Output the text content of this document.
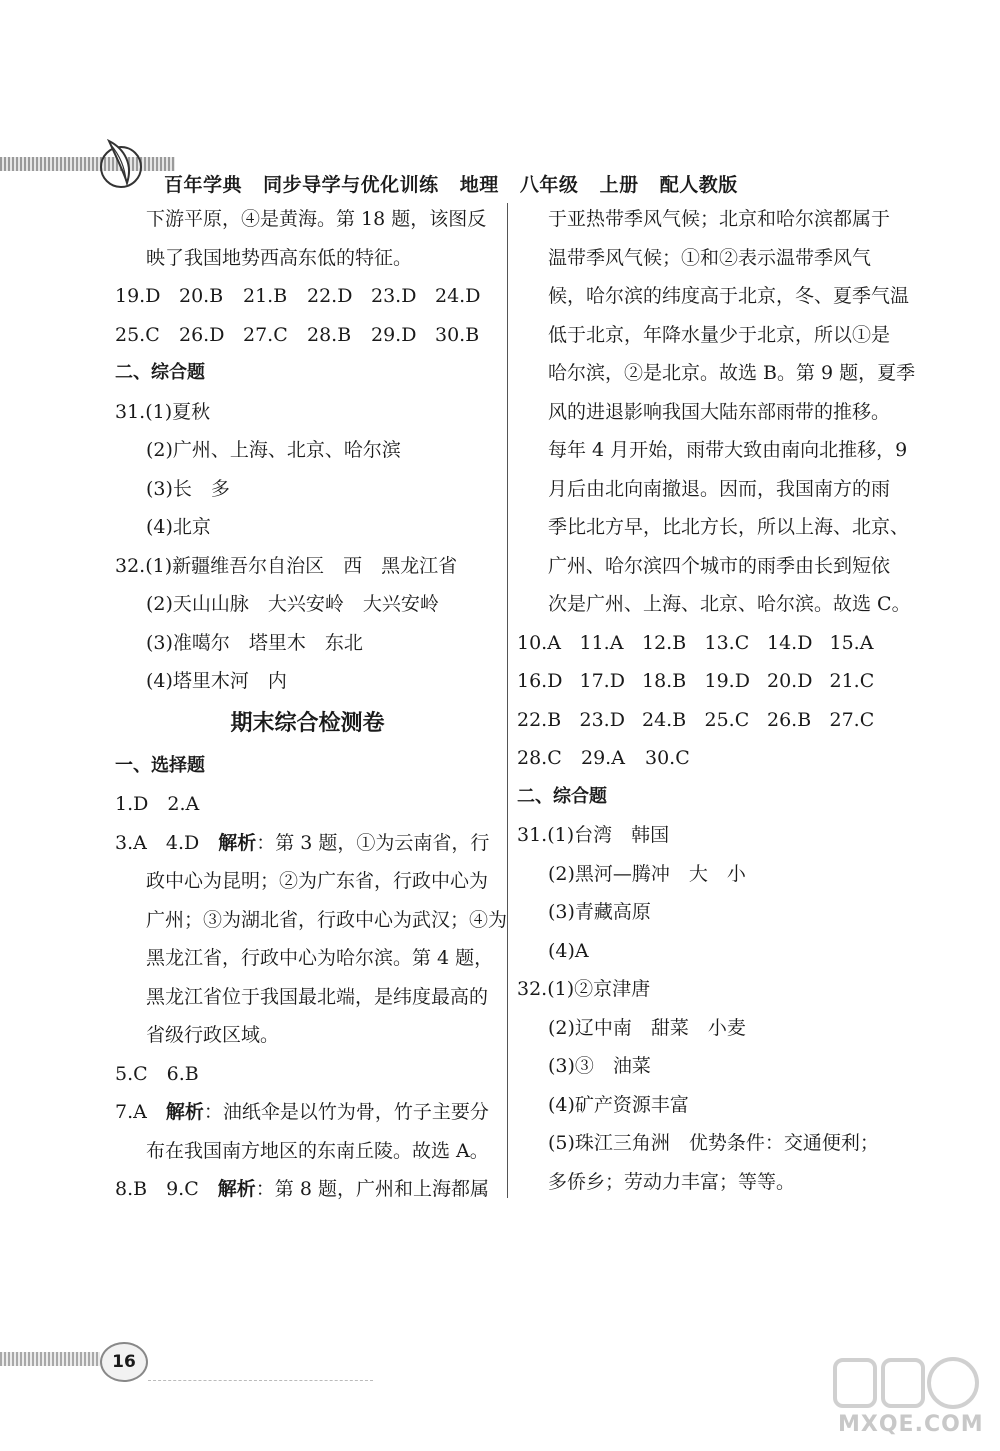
百年学典 同步导学与优化训练 地理 八年级 上册 配人教版
下游平原，④是黄海。第 18 题，该图反
映了我国地势西高东低的特征。
19.D 20.B	21.B	22.D 23.D 24.D
25.C	26.D 27.C	28.B	29.D 30.B
二、综合题
31.(1)夏秋
(2)广州、上海、北京、哈尔滨
(3)长　多
(4)北京
32.(1)新疆维吾尔自治区　西　黑龙江省
(2)天山山脉　大兴安岭　大兴安岭
(3)准噶尔　塔里木　东北
(4)塔里木河　内
期末综合检测卷
一、选择题
1.D　2.A
3.A　4.D　解析：第 3 题，①为云南省，行
政中心为昆明；②为广东省，行政中心为
广州；③为湖北省，行政中心为武汉；④为
黑龙江省，行政中心为哈尔滨。第 4 题，
黑龙江省位于我国最北端，是纬度最高的
省级行政区域。
5.C　6.B
7.A　解析：油纸伞是以竹为骨，竹子主要分
布在我国南方地区的东南丘陵。故选 A。
8.B　9.C　解析：第 8 题，广州和上海都属
于亚热带季风气候；北京和哈尔滨都属于
温带季风气候；①和②表示温带季风气
候，哈尔滨的纬度高于北京，冬、夏季气温
低于北京，年降水量少于北京，所以①是
哈尔滨，②是北京。故选 B。第 9 题，夏季
风的进退影响我国大陆东部雨带的推移。
每年 4 月开始，雨带大致由南向北推移，9
月后由北向南撤退。因而，我国南方的雨
季比北方早，比北方长，所以上海、北京、
广州、哈尔滨四个城市的雨季由长到短依
次是广州、上海、北京、哈尔滨。故选 C。
10.A 11.A 12.B 13.C 14.D 15.A
16.D 17.D 18.B 19.D 20.D 21.C
22.B 23.D 24.B 25.C 26.B 27.C
28.C	29.A	30.C
二、综合题
31.(1)台湾　韩国
(2)黑河—腾冲　大　小
(3)青藏高原
(4)A
32.(1)②京津唐
(2)辽中南　甜菜　小麦
(3)③　油菜
(4)矿产资源丰富
(5)珠江三角洲　优势条件：交通便利；
多侨乡；劳动力丰富；等等。
16
MXQE.COM
